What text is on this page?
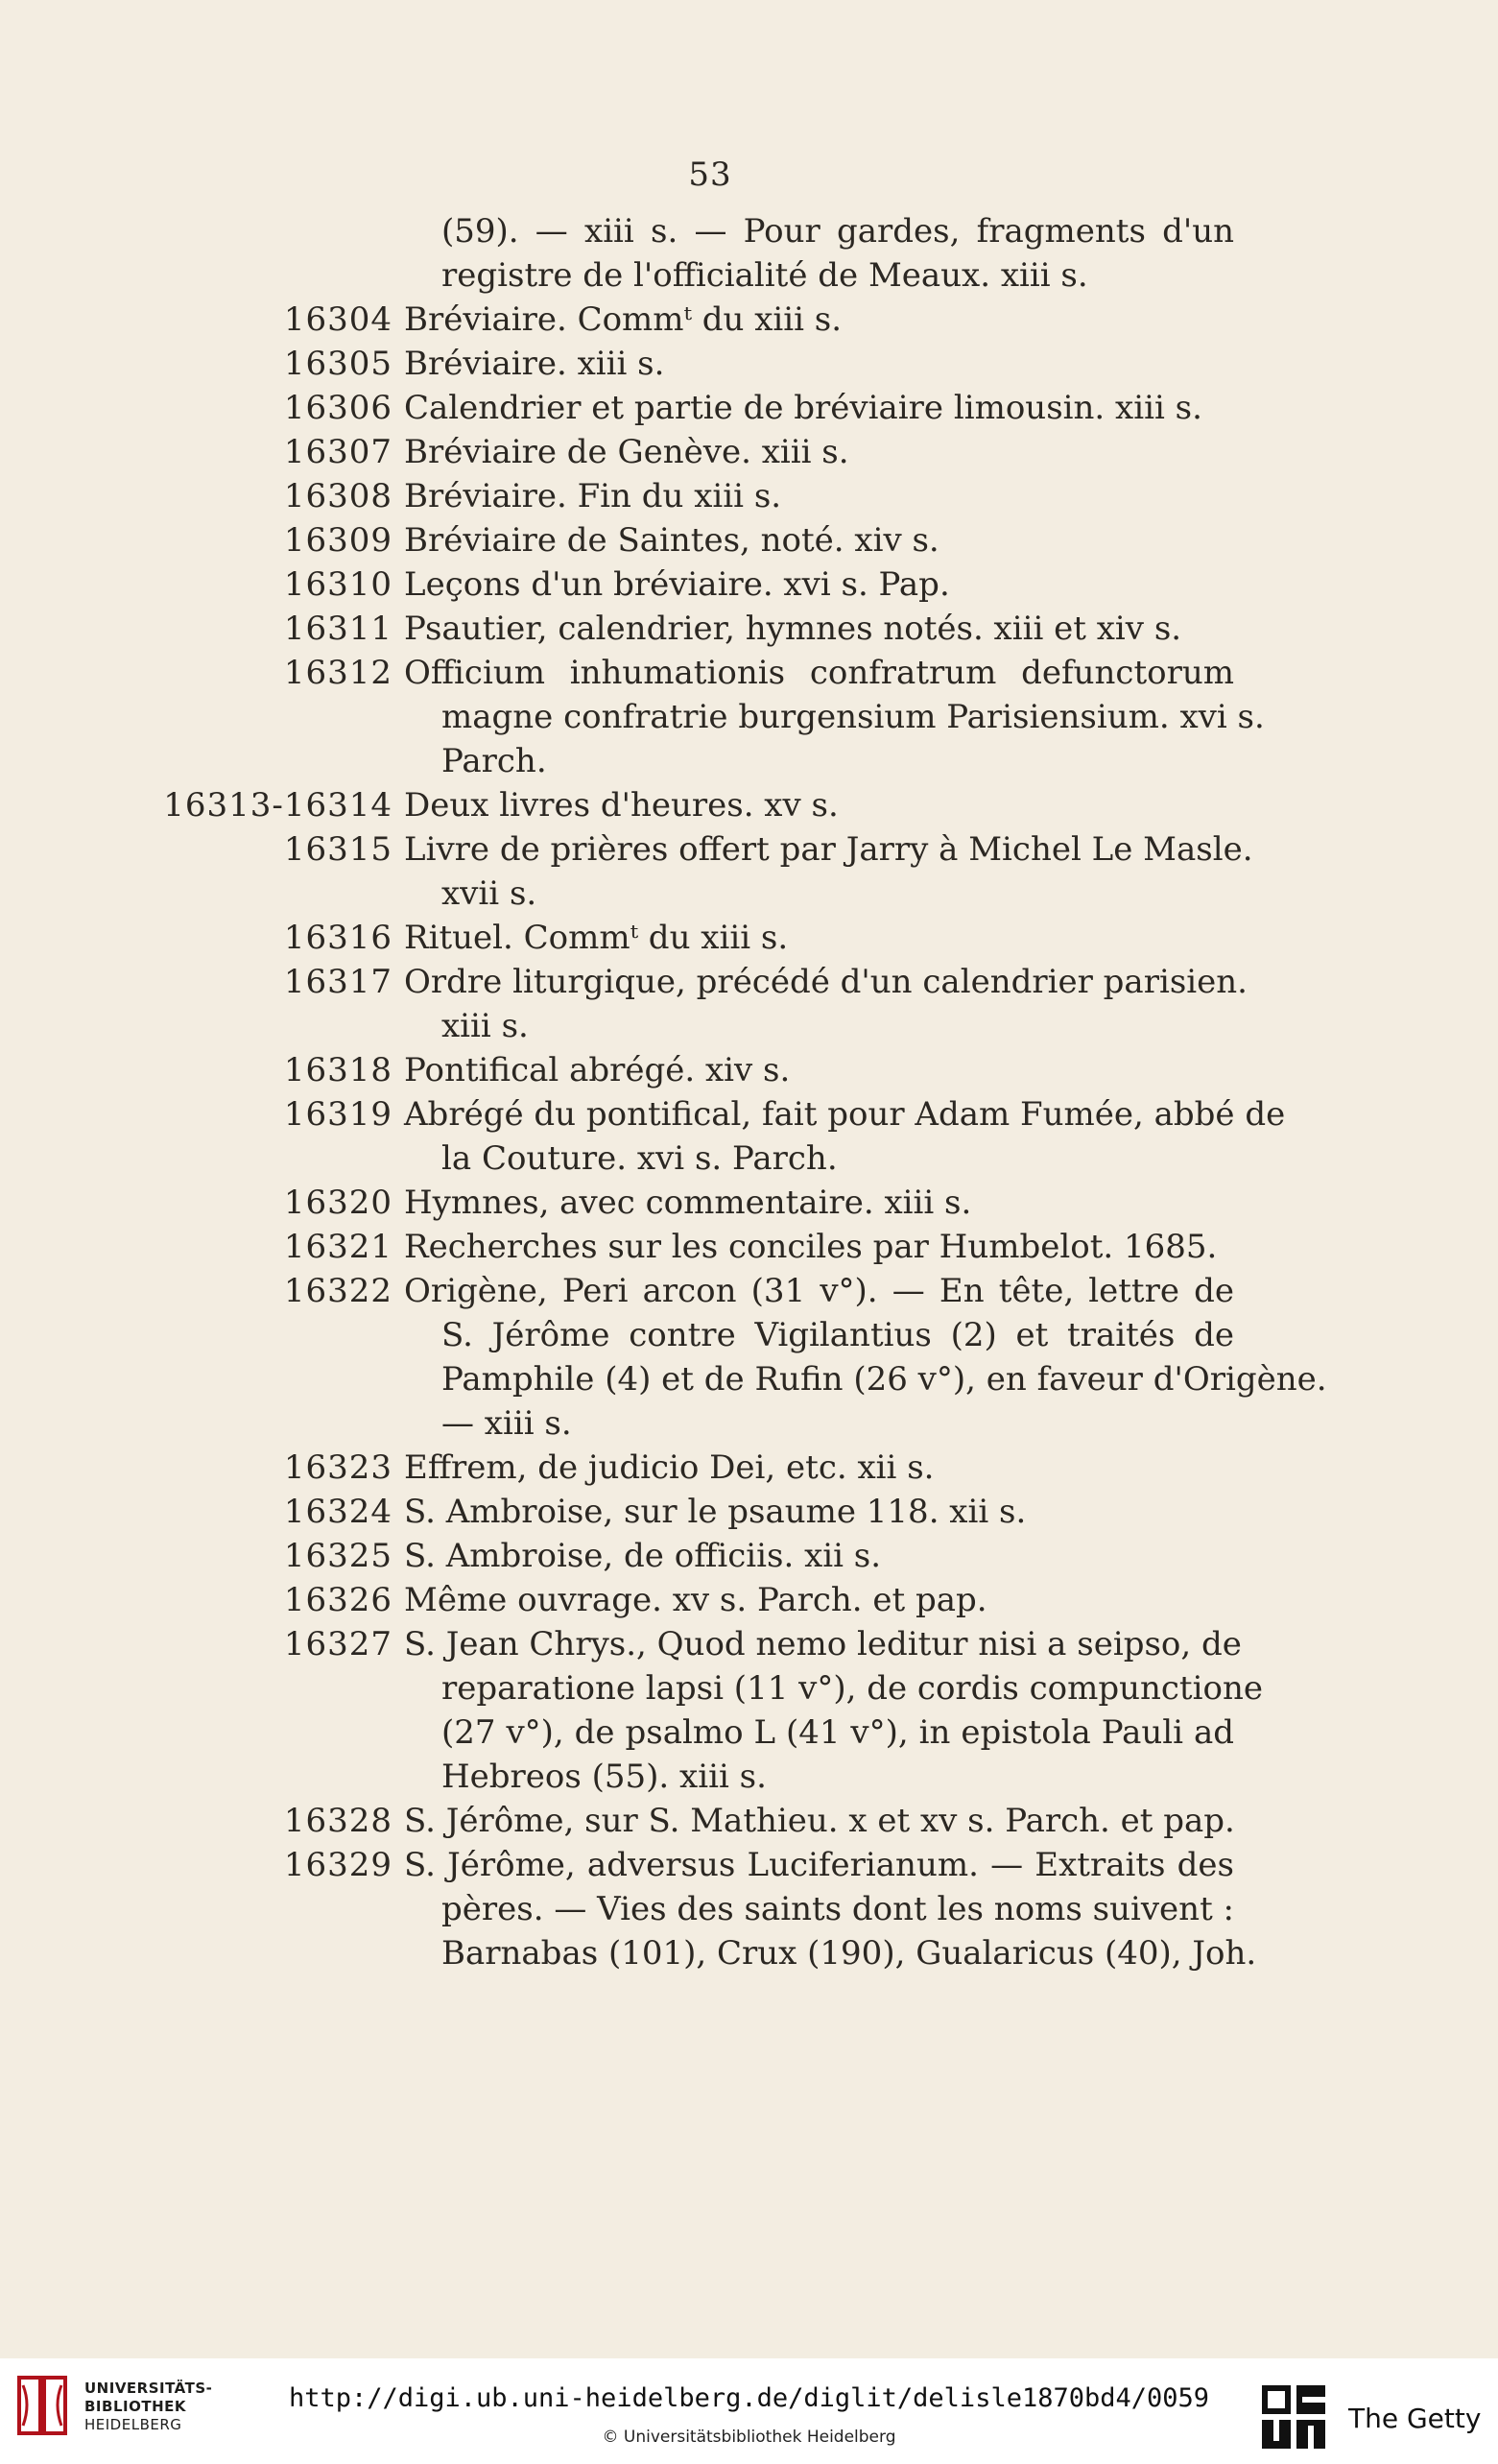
53
(59). — xiii s. — Pour gardes, fragments d'un
registre de l'officialité de Meaux. xiii s.
16304 Bréviaire. Commᵗ du xiii s.
16305 Bréviaire. xiii s.
16306 Calendrier et partie de bréviaire limousin. xiii s.
16307 Bréviaire de Genève. xiii s.
16308 Bréviaire. Fin du xiii s.
16309 Bréviaire de Saintes, noté. xiv s.
16310 Leçons d'un bréviaire. xvi s. Pap.
16311 Psautier, calendrier, hymnes notés. xiii et xiv s.
16312 Officium inhumationis confratrum defunctorum
magne confratrie burgensium Parisiensium. xvi s.
Parch.
16313-16314 Deux livres d'heures. xv s.
16315 Livre de prières offert par Jarry à Michel Le Masle.
xvii s.
16316 Rituel. Commᵗ du xiii s.
16317 Ordre liturgique, précédé d'un calendrier parisien.
xiii s.
16318 Pontifical abrégé. xiv s.
16319 Abrégé du pontifical, fait pour Adam Fumée, abbé de
la Couture. xvi s. Parch.
16320 Hymnes, avec commentaire. xiii s.
16321 Recherches sur les conciles par Humbelot. 1685.
16322 Origène, Peri arcon (31 v°). — En tête, lettre de
S. Jérôme contre Vigilantius (2) et traités de
Pamphile (4) et de Rufin (26 v°), en faveur d'Origène.
— xiii s.
16323 Effrem, de judicio Dei, etc. xii s.
16324 S. Ambroise, sur le psaume 118. xii s.
16325 S. Ambroise, de officiis. xii s.
16326 Même ouvrage. xv s. Parch. et pap.
16327 S. Jean Chrys., Quod nemo leditur nisi a seipso, de
reparatione lapsi (11 v°), de cordis compunctione
(27 v°), de psalmo L (41 v°), in epistola Pauli ad
Hebreos (55). xiii s.
16328 S. Jérôme, sur S. Mathieu. x et xv s. Parch. et pap.
16329 S. Jérôme, adversus Luciferianum. — Extraits des
pères. — Vies des saints dont les noms suivent :
Barnabas (101), Crux (190), Gualaricus (40), Joh.
UNIVERSITÄTS-
BIBLIOTHEK
HEIDELBERG
http://digi.ub.uni-heidelberg.de/diglit/delisle1870bd4/0059
© Universitätsbibliothek Heidelberg
The Getty
